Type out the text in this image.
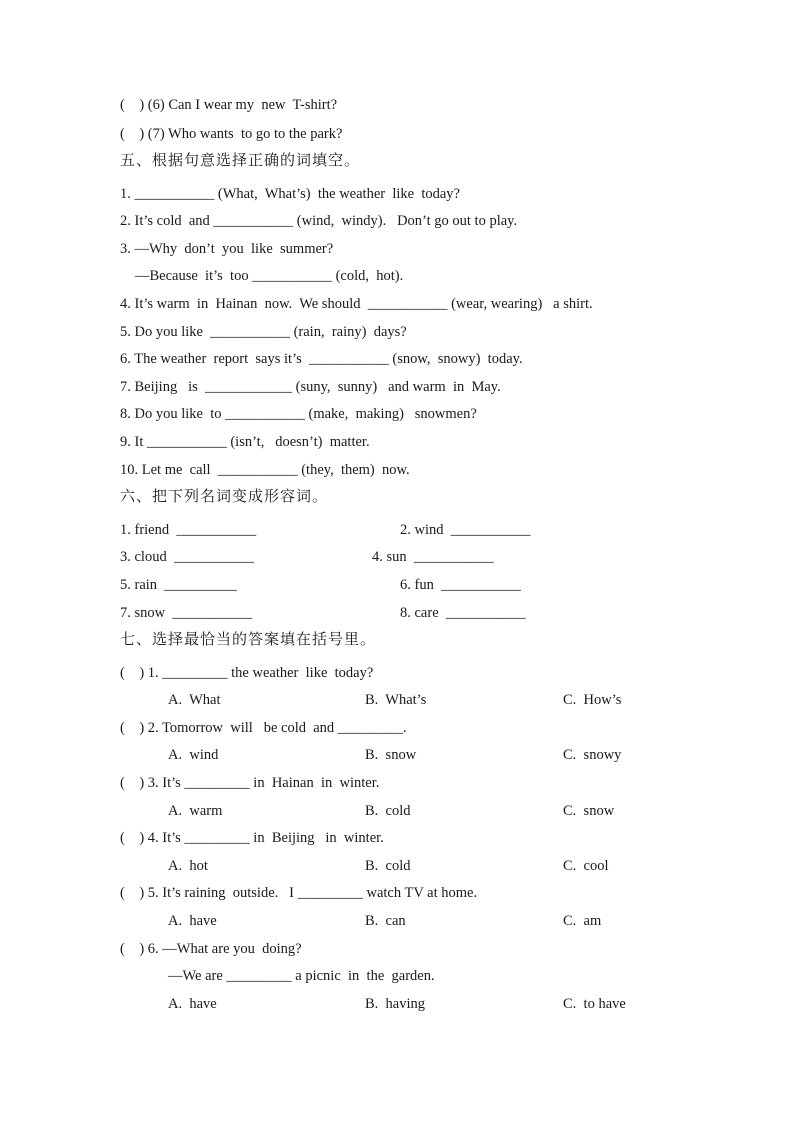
(    ) (6) Can I wear my  new  T-shirt?
(    ) (7) Who wants  to go to the park?
五、根据句意选择正确的词填空。
1. ___________ (What,  What’s)  the weather  like  today?
2. It’s cold  and ___________ (wind,  windy).   Don’t go out to play.
3. —Why  don’t  you  like  summer?
—Because  it’s  too ___________ (cold,  hot).
4. It’s warm  in  Hainan  now.  We should  ___________ (wear, wearing)   a shirt.
5. Do you like  ___________ (rain,  rainy)  days?
6. The weather  report  says it’s  ___________ (snow,  snowy)  today.
7. Beijing   is  ____________ (suny,  sunny)   and warm  in  May.
8. Do you like  to ___________ (make,  making)   snowmen?
9. It ___________ (isn’t,   doesn’t)  matter.
10. Let me  call  ___________ (they,  them)  now.
六、把下列名词变成形容词。
1. friend  ___________	2. wind  ___________
3. cloud  ___________	4. sun  ___________
5. rain  __________	6. fun  ___________
7. snow  ___________	8. care  ___________
七、选择最恰当的答案填在括号里。
(    ) 1. _________ the weather  like  today?
A.  What	B.  What’s	C.  How’s
(    ) 2. Tomorrow  will   be cold  and _________.
A.  wind	B.  snow	C.  snowy
(    ) 3. It’s _________ in  Hainan  in  winter.
A.  warm	B.  cold	C.  snow
(    ) 4. It’s _________ in  Beijing   in  winter.
A.  hot	B.  cold	C.  cool
(    ) 5. It’s raining  outside.   I _________ watch TV at home.
A.  have	B.  can	C.  am
(    ) 6. —What are you  doing?
—We are _________ a picnic  in  the  garden.
A.  have	B.  having	C.  to have
